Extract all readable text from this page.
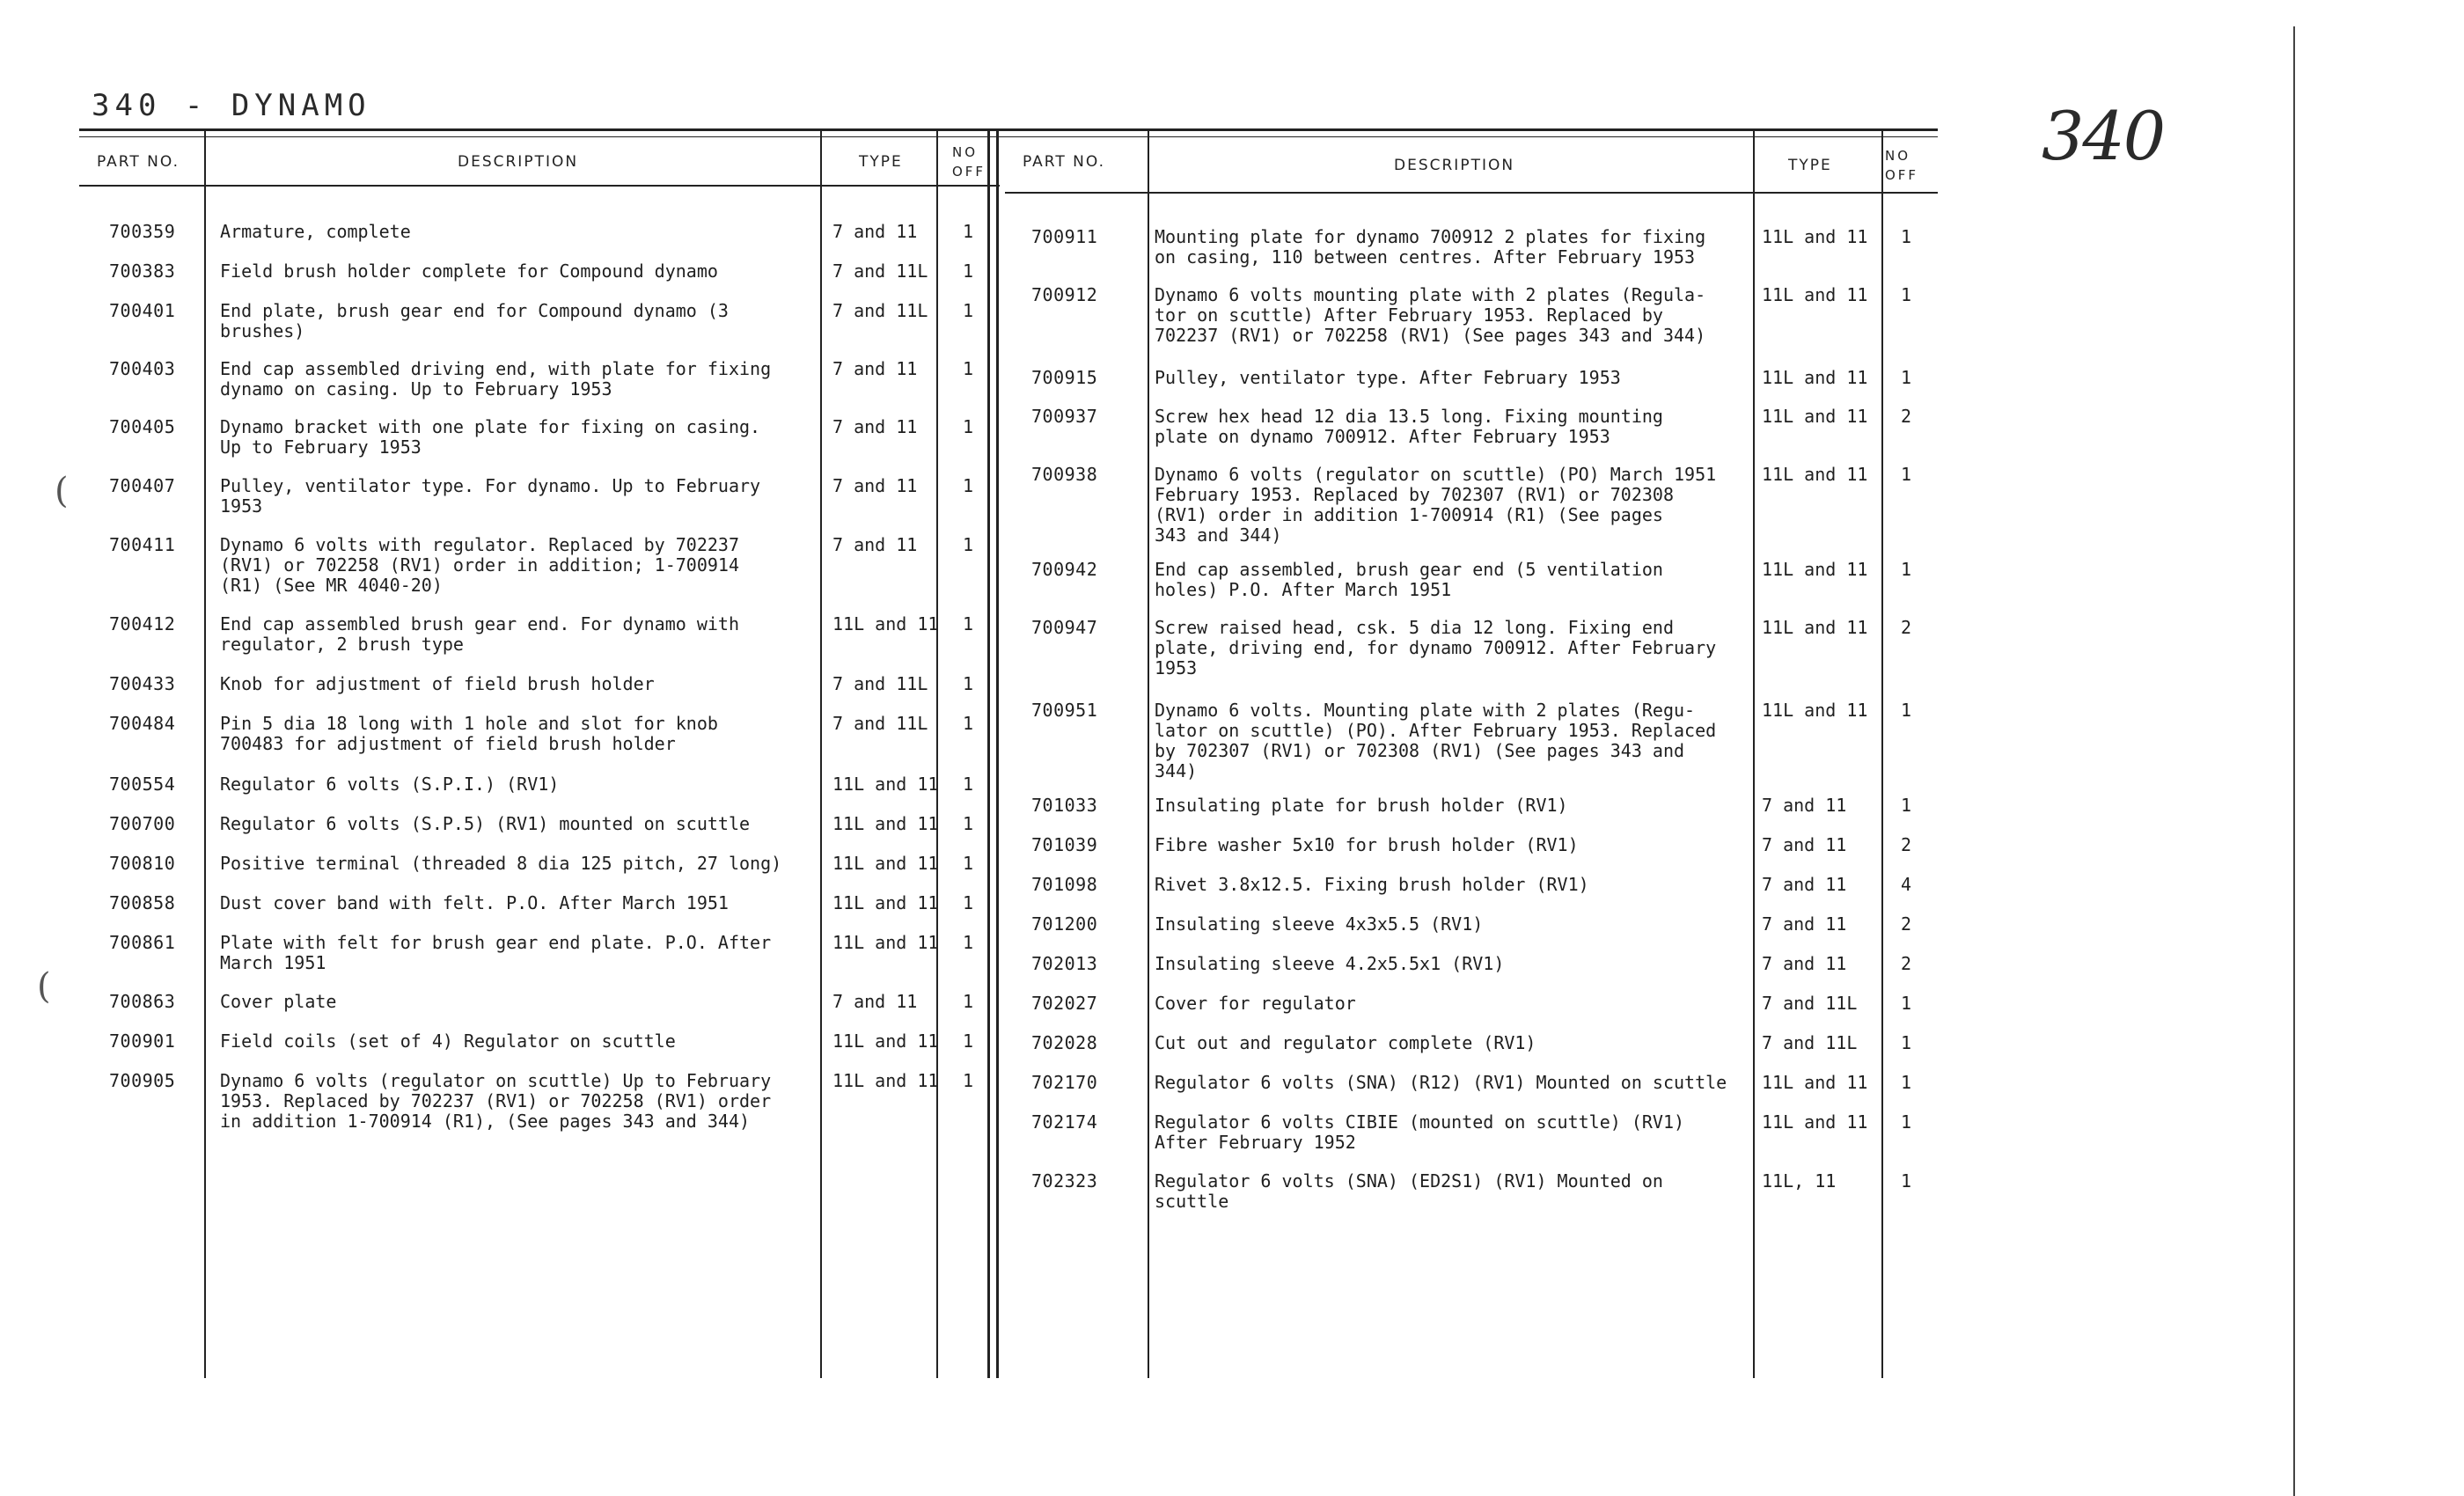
340 - DYNAMO	340
(
(
PART NO.	DESCRIPTION	TYPE
NO OFF
PART NO.	DESCRIPTION	TYPE
NO OFF
700359	Armature, complete	7 and 11	1
700383	Field brush holder complete for Compound dynamo	7 and 11L 1
700401	End plate, brush gear end for Compound dynamo (3
brushes)
7 and 11L 1
700403	End cap assembled driving end, with plate for fixing
dynamo on casing. Up to February 1953
7 and 11	1
700405	Dynamo bracket with one plate for fixing on casing.
Up to February 1953
7 and 11	1
700407	Pulley, ventilator type. For dynamo. Up to February
1953
7 and 11	1
700411	Dynamo 6 volts with regulator. Replaced by 702237
(RV1) or 702258 (RV1) order in addition; 1-700914
(R1) (See MR 4040-20)
7 and 11	1
700412	End cap assembled brush gear end. For dynamo with
regulator, 2 brush type
11L and 11 1
700433	Knob for adjustment of field brush holder	7 and 11L 1
700484	Pin 5 dia 18 long with 1 hole and slot for knob
700483 for adjustment of field brush holder
7 and 11L 1
700554	Regulator 6 volts (S.P.I.) (RV1)	11L and 11 1
700700	Regulator 6 volts (S.P.5) (RV1) mounted on scuttle	11L and 11 1
700810	Positive terminal (threaded 8 dia 125 pitch, 27 long)	11L and 11 1
700858	Dust cover band with felt. P.O. After March 1951	11L and 11 1
700861	Plate with felt for brush gear end plate. P.O. After
March 1951
11L and 11 1
700863	Cover plate	7 and 11	1
700901	Field coils (set of 4) Regulator on scuttle	11L and 11 1
700905	Dynamo 6 volts (regulator on scuttle) Up to February
1953. Replaced by 702237 (RV1) or 702258 (RV1) order
in addition 1-700914 (R1), (See pages 343 and 344)
11L and 11 1
700911	Mounting plate for dynamo 700912 2 plates for fixing
on casing, 110 between centres. After February 1953
11L and 11 1
700912	Dynamo 6 volts mounting plate with 2 plates (Regula-
tor on scuttle) After February 1953. Replaced by
702237 (RV1) or 702258 (RV1) (See pages 343 and 344)
11L and 11 1
700915	Pulley, ventilator type. After February 1953	11L and 11 1
700937	Screw hex head 12 dia 13.5 long. Fixing mounting
plate on dynamo 700912. After February 1953
11L and 11 2
700938	Dynamo 6 volts (regulator on scuttle) (PO) March 1951
February 1953. Replaced by 702307 (RV1) or 702308
(RV1) order in addition 1-700914 (R1) (See pages
343 and 344)
11L and 11 1
700942	End cap assembled, brush gear end (5 ventilation
holes) P.O. After March 1951
11L and 11 1
700947	Screw raised head, csk. 5 dia 12 long. Fixing end
plate, driving end, for dynamo 700912. After February
1953
11L and 11 2
700951	Dynamo 6 volts. Mounting plate with 2 plates (Regu-
lator on scuttle) (PO). After February 1953. Replaced
by 702307 (RV1) or 702308 (RV1) (See pages 343 and
344)
11L and 11 1
701033	Insulating plate for brush holder (RV1)	7 and 11	1
701039	Fibre washer 5x10 for brush holder (RV1)	7 and 11	2
701098	Rivet 3.8x12.5. Fixing brush holder (RV1)	7 and 11	4
701200	Insulating sleeve 4x3x5.5 (RV1)	7 and 11	2
702013	Insulating sleeve 4.2x5.5x1 (RV1)	7 and 11	2
702027	Cover for regulator	7 and 11L 1
702028	Cut out and regulator complete (RV1)	7 and 11L 1
702170	Regulator 6 volts (SNA) (R12) (RV1) Mounted on scuttle 11L and 11 1
702174	Regulator 6 volts CIBIE (mounted on scuttle) (RV1)
After February 1952
11L and 11 1
702323	Regulator 6 volts (SNA) (ED2S1) (RV1) Mounted on
scuttle
11L, 11	1
